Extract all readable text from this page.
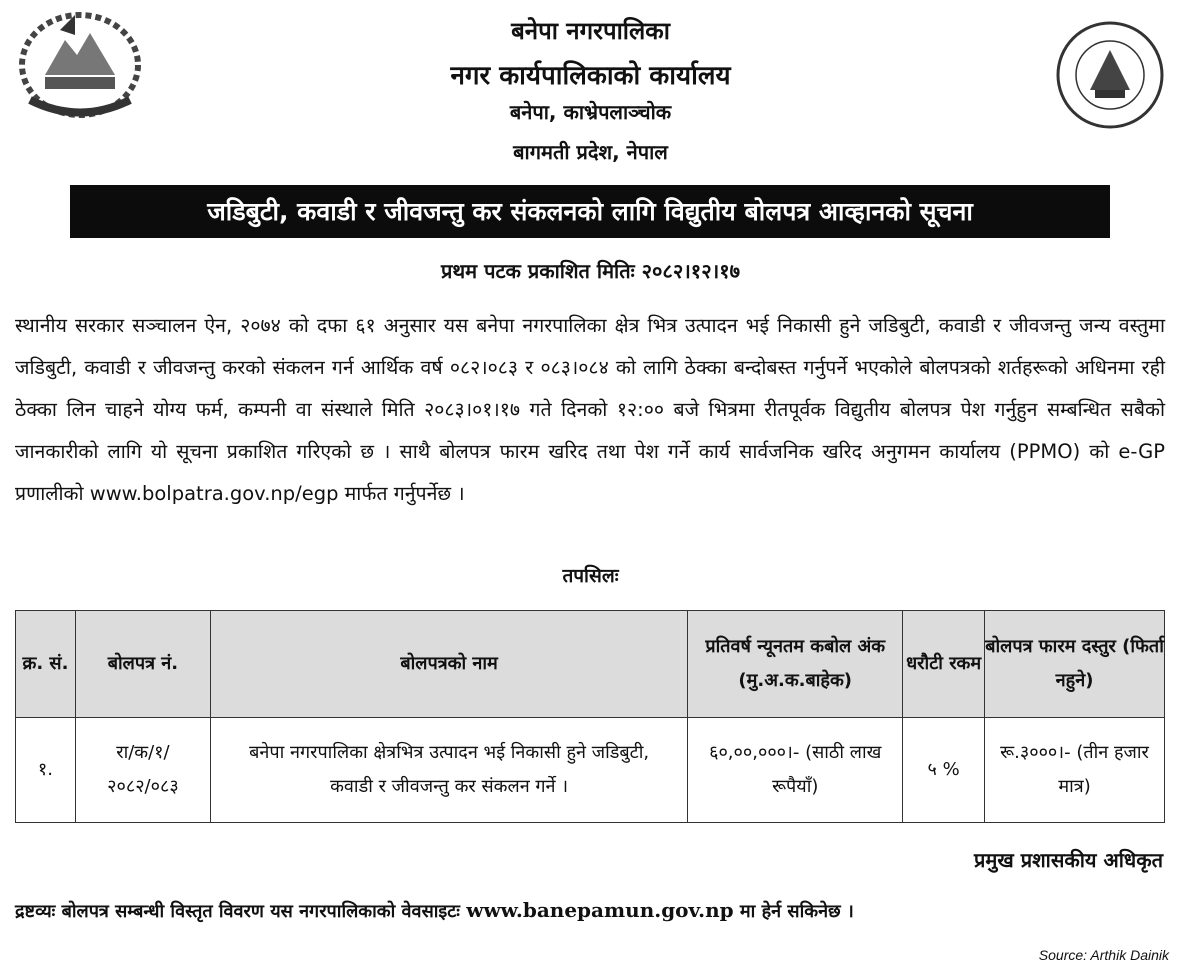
बनेपा नगरपालिका
नगर कार्यपालिकाको कार्यालय
बनेपा, काभ्रेपलाञ्चोक
बागमती प्रदेश, नेपाल
जडिबुटी, कवाडी र जीवजन्तु कर संकलनको लागि विद्युतीय बोलपत्र आव्हानको सूचना
प्रथम पटक प्रकाशित मितिः २०८२।१२।१७
स्थानीय सरकार सञ्चालन ऐन, २०७४ को दफा ६१ अनुसार यस बनेपा नगरपालिका क्षेत्र भित्र उत्पादन भई निकासी हुने जडिबुटी, कवाडी र जीवजन्तु जन्य वस्तुमा जडिबुटी, कवाडी र जीवजन्तु करको संकलन गर्न आर्थिक वर्ष ०८२।०८३ र ०८३।०८४ को लागि ठेक्का बन्दोबस्त गर्नुपर्ने भएकोले बोलपत्रको शर्तहरूको अधिनमा रही ठेक्का लिन चाहने योग्य फर्म, कम्पनी वा संस्थाले मिति २०८३।०१।१७ गते दिनको १२:०० बजे भित्रमा रीतपूर्वक विद्युतीय बोलपत्र पेश गर्नुहुन सम्बन्धित सबैको जानकारीको लागि यो सूचना प्रकाशित गरिएको छ । साथै बोलपत्र फारम खरिद तथा पेश गर्ने कार्य सार्वजनिक खरिद अनुगमन कार्यालय (PPMO) को e-GP प्रणालीको www.bolpatra.gov.np/egp मार्फत गर्नुपर्नेछ ।
तपसिलः
क्र. सं.	बोलपत्र नं.	बोलपत्रको नाम	प्रतिवर्ष न्यूनतम कबोल अंक (मु.अ.क.बाहेक)	धरौटी रकम	बोलपत्र फारम दस्तुर (फिर्ता नहुने)
१.	रा/क/१/ २०८२/०८३	बनेपा नगरपालिका क्षेत्रभित्र उत्पादन भई निकासी हुने जडिबुटी, कवाडी र जीवजन्तु कर संकलन गर्ने ।	६०,००,०००।- (साठी लाख रूपैयाँ)	५ %	रू.३०००।- (तीन हजार मात्र)
प्रमुख प्रशासकीय अधिकृत
द्रष्टव्यः बोलपत्र सम्बन्धी विस्तृत विवरण यस नगरपालिकाको वेवसाइटः www.banepamun.gov.np मा हेर्न सकिनेछ ।
Source: Arthik Dainik
